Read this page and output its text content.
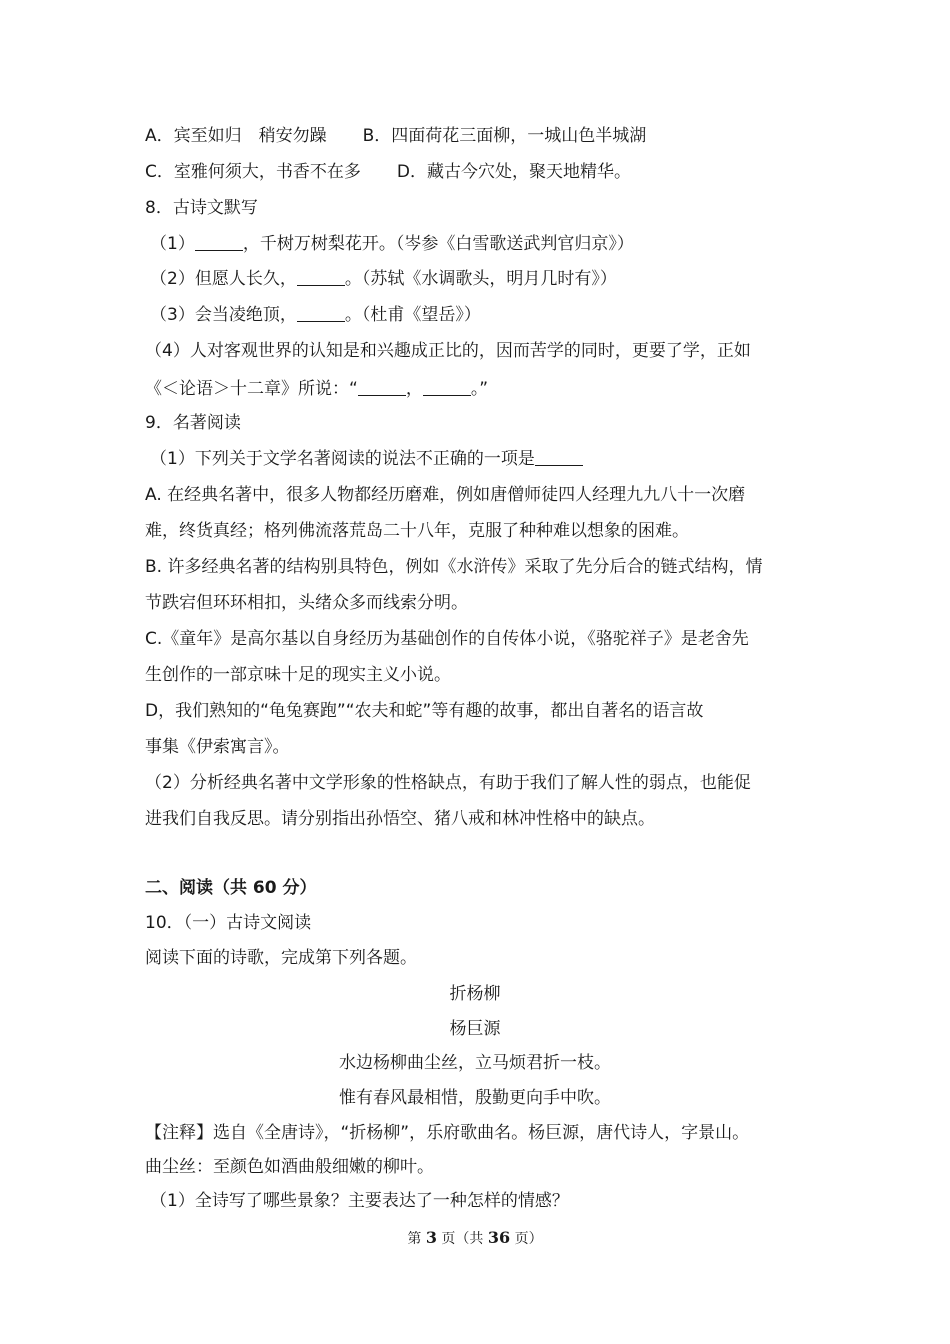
A．宾至如归　稍安勿躁 B．四面荷花三面柳，一城山色半城湖
C．室雅何须大，书香不在多 D．藏古今穴处，聚天地精华。
8．古诗文默写
（1）	，千树万树梨花开。（岑参《白雪歌送武判官归京》）
（2）但愿人长久，	。（苏轼《水调歌头，明月几时有》）
（3）会当凌绝顶，	。（杜甫《望岳》）
（4）人对客观世界的认知是和兴趣成正比的，因而苦学的同时，更要了学，正如
《＜论语＞十二章》所说：“	，	。”
9．名著阅读
（1）下列关于文学名著阅读的说法不正确的一项是
A. 在经典名著中，很多人物都经历磨难，例如唐僧师徒四人经理九九八十一次磨
难，终货真经；格列佛流落荒岛二十八年，克服了种种难以想象的困难。
B. 许多经典名著的结构别具特色，例如《水浒传》采取了先分后合的链式结构，情
节跌宕但环环相扣，头绪众多而线索分明。
C.《童年》是高尔基以自身经历为基础创作的自传体小说，《骆驼祥子》是老舍先
生创作的一部京味十足的现实主义小说。
D，我们熟知的“龟兔赛跑”“农夫和蛇”等有趣的故事，都出自著名的语言故
事集《伊索寓言》。
（2）分析经典名著中文学形象的性格缺点，有助于我们了解人性的弱点，也能促
进我们自我反思。请分别指出孙悟空、猪八戒和林冲性格中的缺点。
二、阅读（共 60 分）
10．（一）古诗文阅读
阅读下面的诗歌，完成第下列各题。
折杨柳
杨巨源
水边杨柳曲尘丝，立马烦君折一枝。
惟有春风最相惜，殷勤更向手中吹。
【注释】选自《全唐诗》，“折杨柳”，乐府歌曲名。杨巨源，唐代诗人，字景山。
曲尘丝：至颜色如酒曲般细嫩的柳叶。
（1）全诗写了哪些景象？主要表达了一种怎样的情感？
第 3 页（共 36 页）
